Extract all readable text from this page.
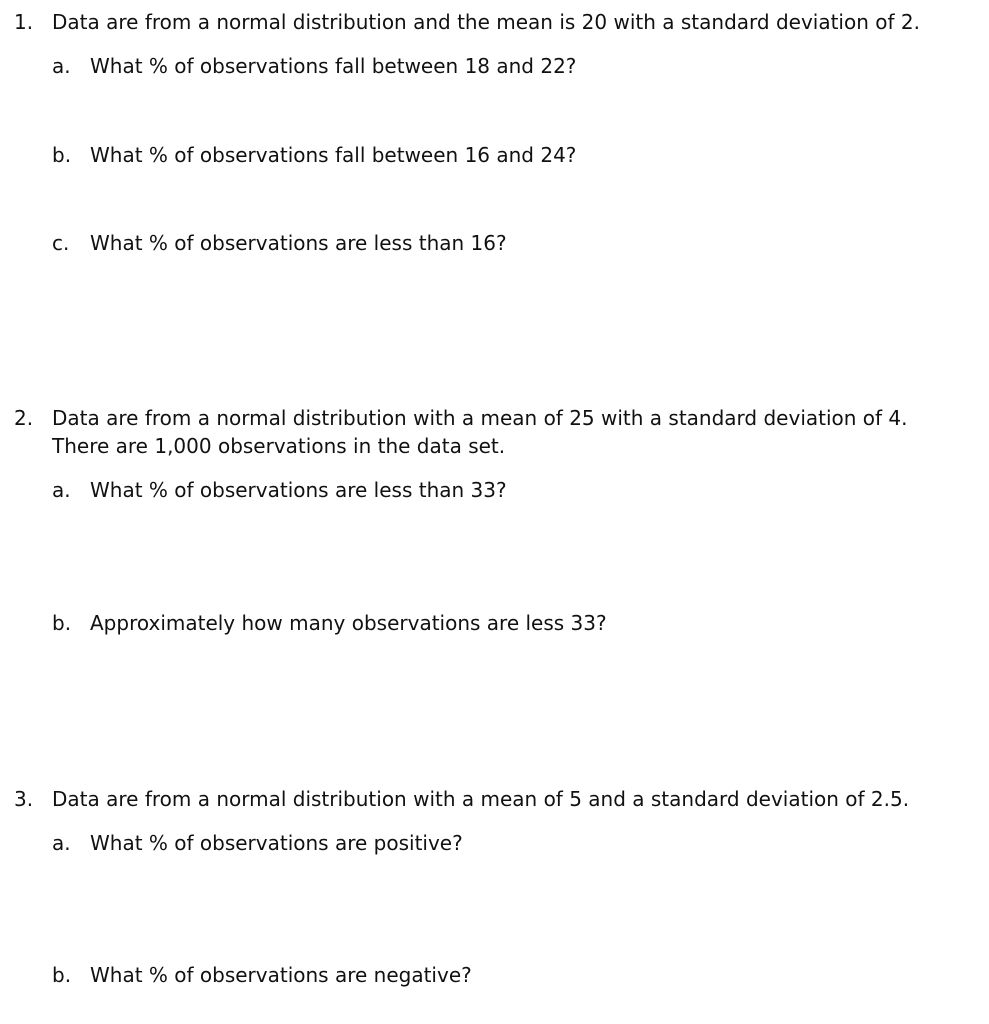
1. Data are from a normal distribution and the mean is 20 with a standard deviation of 2.
a. What % of observations fall between 18 and 22?
b. What % of observations fall between 16 and 24?
c. What % of observations are less than 16?
2. Data are from a normal distribution with a mean of 25 with a standard deviation of 4.
There are 1,000 observations in the data set.
a. What % of observations are less than 33?
b. Approximately how many observations are less 33?
3. Data are from a normal distribution with a mean of 5 and a standard deviation of 2.5.
a. What % of observations are positive?
b. What % of observations are negative?
